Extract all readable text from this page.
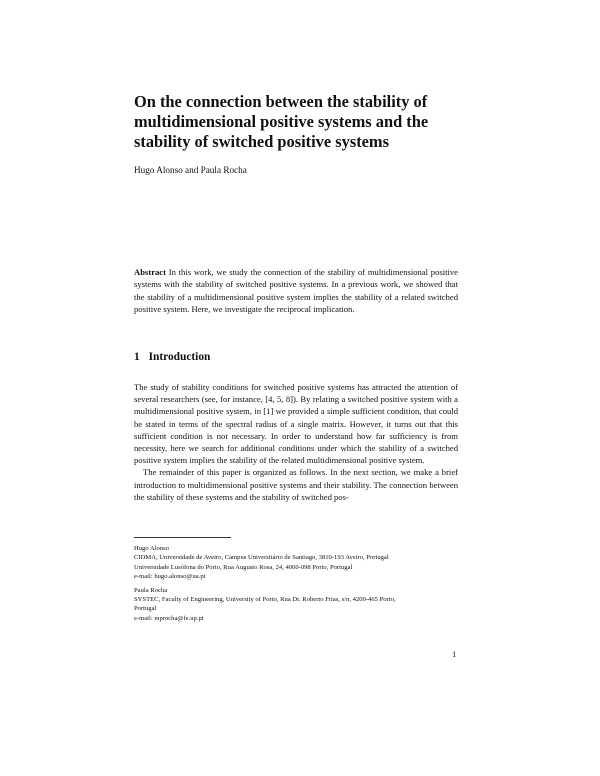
On the connection between the stability of
multidimensional positive systems and the
stability of switched positive systems
Hugo Alonso and Paula Rocha
Abstract In this work, we study the connection of the stability of multidimensional positive systems with the stability of switched positive systems. In a previous work, we showed that the stability of a multidimensional positive system implies the stability of a related switched positive system. Here, we investigate the reciprocal implication.
1 Introduction

The study of stability conditions for switched positive systems has attracted the attention of several researchers (see, for instance, [4, 5, 8]). By relating a switched positive system with a multidimensional positive system, in [1] we provided a simple sufficient condition, that could be stated in terms of the spectral radius of a single matrix. However, it turns out that this sufficient condition is not necessary. In order to understand how far sufficiency is from necessity, here we search for additional conditions under which the stability of a switched positive system implies the stability of the related multidimensional positive system.

The remainder of this paper is organized as follows. In the next section, we make a brief introduction to multidimensional positive systems and their stability. The connection between the stability of these systems and the stability of switched pos-

Hugo Alonso
CIDMA, Universidade de Aveiro, Campus Universitário de Santiago, 3810-193 Aveiro, Portugal
Universidade Lusófona do Porto, Rua Augusto Rosa, 24, 4000-098 Porto, Portugal
e-mail: hugo.alonso@ua.pt
Paula Rocha
SYSTEC, Faculty of Engineering, University of Porto, Rua Dr. Roberto Frias, s/n, 4200-465 Porto,
Portugal
e-mail: mprocha@fe.up.pt
1
